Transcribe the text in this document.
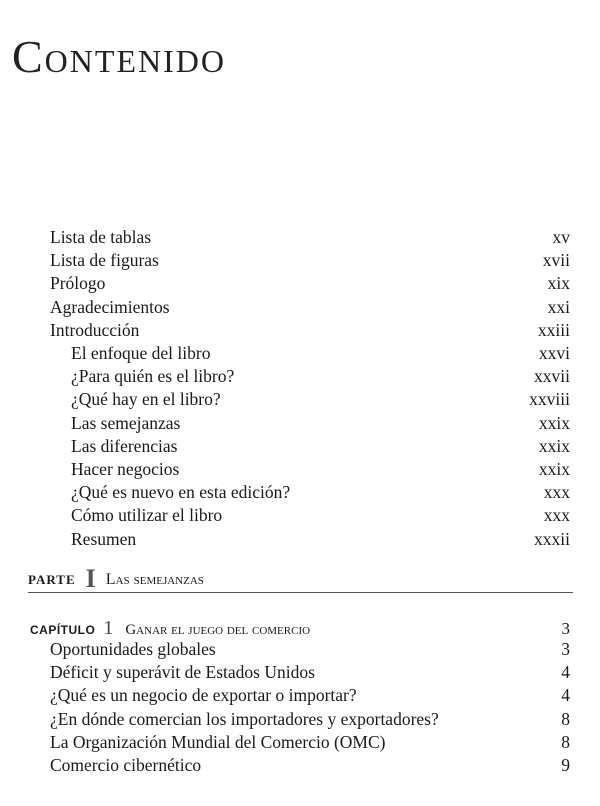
Contenido
Lista de tablas	xv
Lista de figuras	xvii
Prólogo	xix
Agradecimientos	xxi
Introducción	xxiii
El enfoque del libro	xxvi
¿Para quién es el libro?	xxvii
¿Qué hay en el libro?	xxviii
Las semejanzas	xxix
Las diferencias	xxix
Hacer negocios	xxix
¿Qué es nuevo en esta edición?	xxx
Cómo utilizar el libro	xxx
Resumen	xxxii
PARTE I Las semejanzas
CAPÍTULO 1 Ganar el juego del comercio	3
Oportunidades globales	3
Déficit y superávit de Estados Unidos	4
¿Qué es un negocio de exportar o importar?	4
¿En dónde comercian los importadores y exportadores?	8
La Organización Mundial del Comercio (OMC)	8
Comercio cibernético	9
